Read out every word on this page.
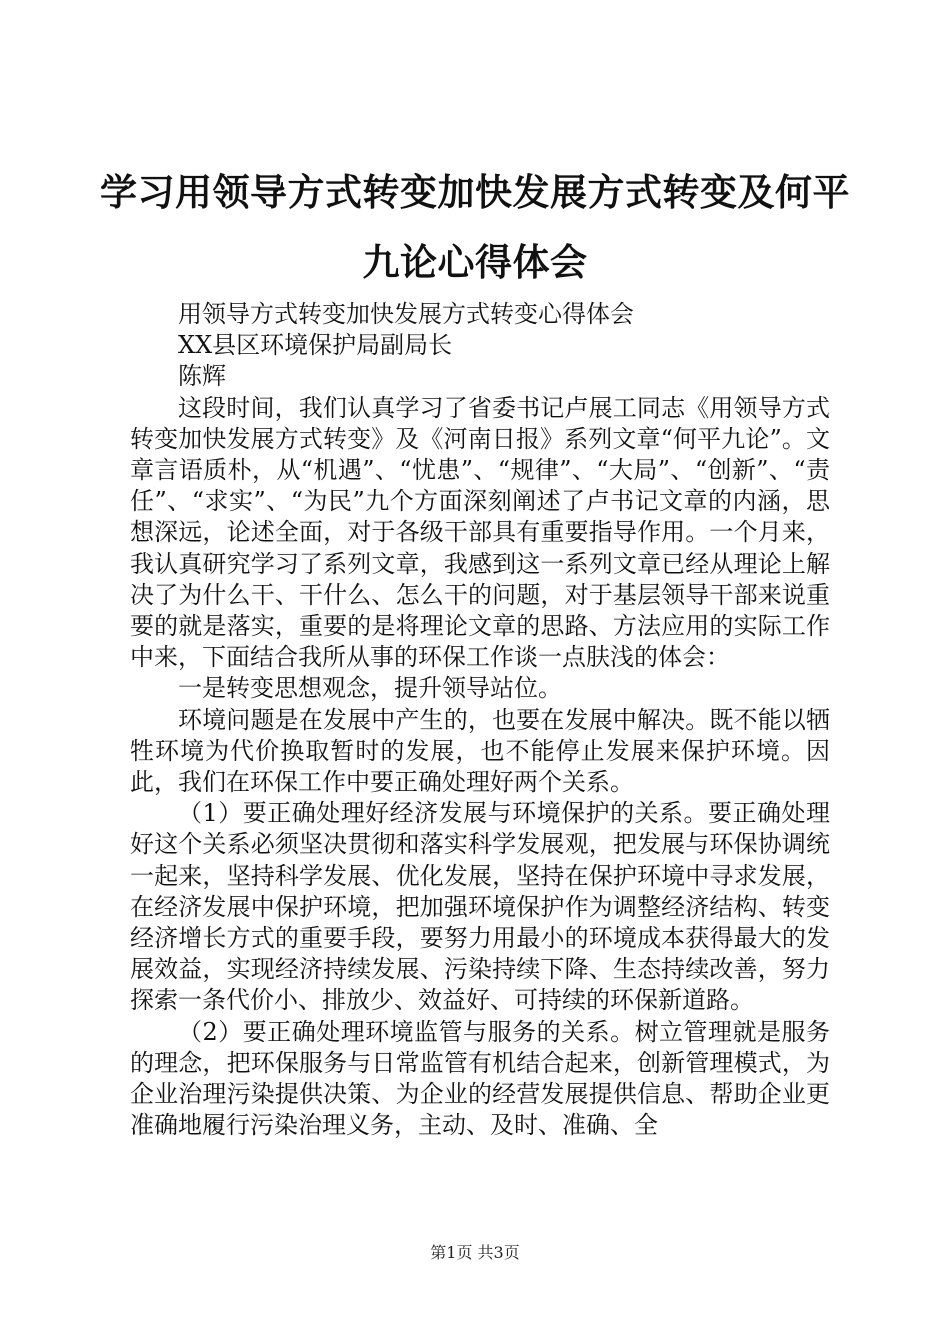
学习用领导方式转变加快发展方式转变及何平
九论心得体会

用领导方式转变加快发展方式转变心得体会

XX县区环境保护局副局长

陈辉

这段时间，我们认真学习了省委书记卢展工同志《用领导方式转变加快发展方式转变》及《河南日报》系列文章“何平九论”。文章言语质朴，从“机遇”、“忧患”、“规律”、“大局”、“创新”、“责任”、“求实”、“为民”九个方面深刻阐述了卢书记文章的内涵，思想深远，论述全面，对于各级干部具有重要指导作用。一个月来，我认真研究学习了系列文章，我感到这一系列文章已经从理论上解决了为什么干、干什么、怎么干的问题，对于基层领导干部来说重要的就是落实，重要的是将理论文章的思路、方法应用的实际工作中来，下面结合我所从事的环保工作谈一点肤浅的体会：

一是转变思想观念，提升领导站位。

环境问题是在发展中产生的，也要在发展中解决。既不能以牺牲环境为代价换取暂时的发展，也不能停止发展来保护环境。因此，我们在环保工作中要正确处理好两个关系。

（1）要正确处理好经济发展与环境保护的关系。要正确处理好这个关系必须坚决贯彻和落实科学发展观，把发展与环保协调统一起来，坚持科学发展、优化发展，坚持在保护环境中寻求发展，在经济发展中保护环境，把加强环境保护作为调整经济结构、转变经济增长方式的重要手段，要努力用最小的环境成本获得最大的发展效益，实现经济持续发展、污染持续下降、生态持续改善，努力探索一条代价小、排放少、效益好、可持续的环保新道路。

（2）要正确处理环境监管与服务的关系。树立管理就是服务的理念，把环保服务与日常监管有机结合起来，创新管理模式，为企业治理污染提供决策、为企业的经营发展提供信息、帮助企业更准确地履行污染治理义务，主动、及时、准确、全

第1页 共3页
